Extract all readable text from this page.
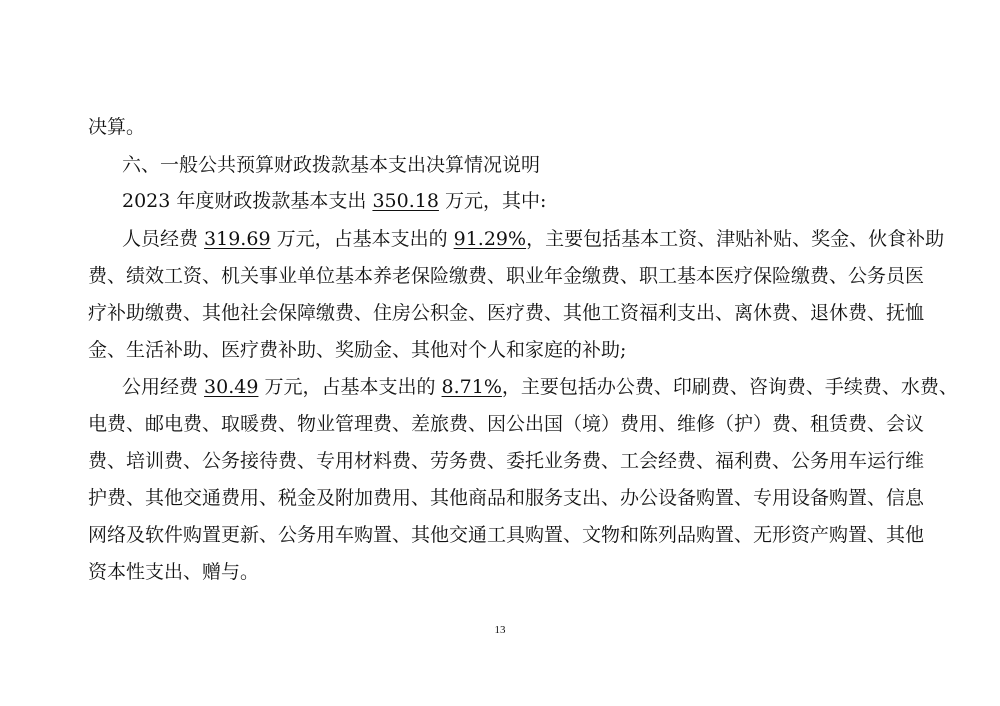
决算。
六、一般公共预算财政拨款基本支出决算情况说明
2023 年度财政拨款基本支出 350.18 万元，其中:
人员经费 319.69 万元，占基本支出的 91.29%，主要包括基本工资、津贴补贴、奖金、伙食补助
费、绩效工资、机关事业单位基本养老保险缴费、职业年金缴费、职工基本医疗保险缴费、公务员医
疗补助缴费、其他社会保障缴费、住房公积金、医疗费、其他工资福利支出、离休费、退休费、抚恤
金、生活补助、医疗费补助、奖励金、其他对个人和家庭的补助;
公用经费 30.49 万元，占基本支出的 8.71%，主要包括办公费、印刷费、咨询费、手续费、水费、
电费、邮电费、取暖费、物业管理费、差旅费、因公出国（境）费用、维修（护）费、租赁费、会议
费、培训费、公务接待费、专用材料费、劳务费、委托业务费、工会经费、福利费、公务用车运行维
护费、其他交通费用、税金及附加费用、其他商品和服务支出、办公设备购置、专用设备购置、信息
网络及软件购置更新、公务用车购置、其他交通工具购置、文物和陈列品购置、无形资产购置、其他
资本性支出、赠与。
13
